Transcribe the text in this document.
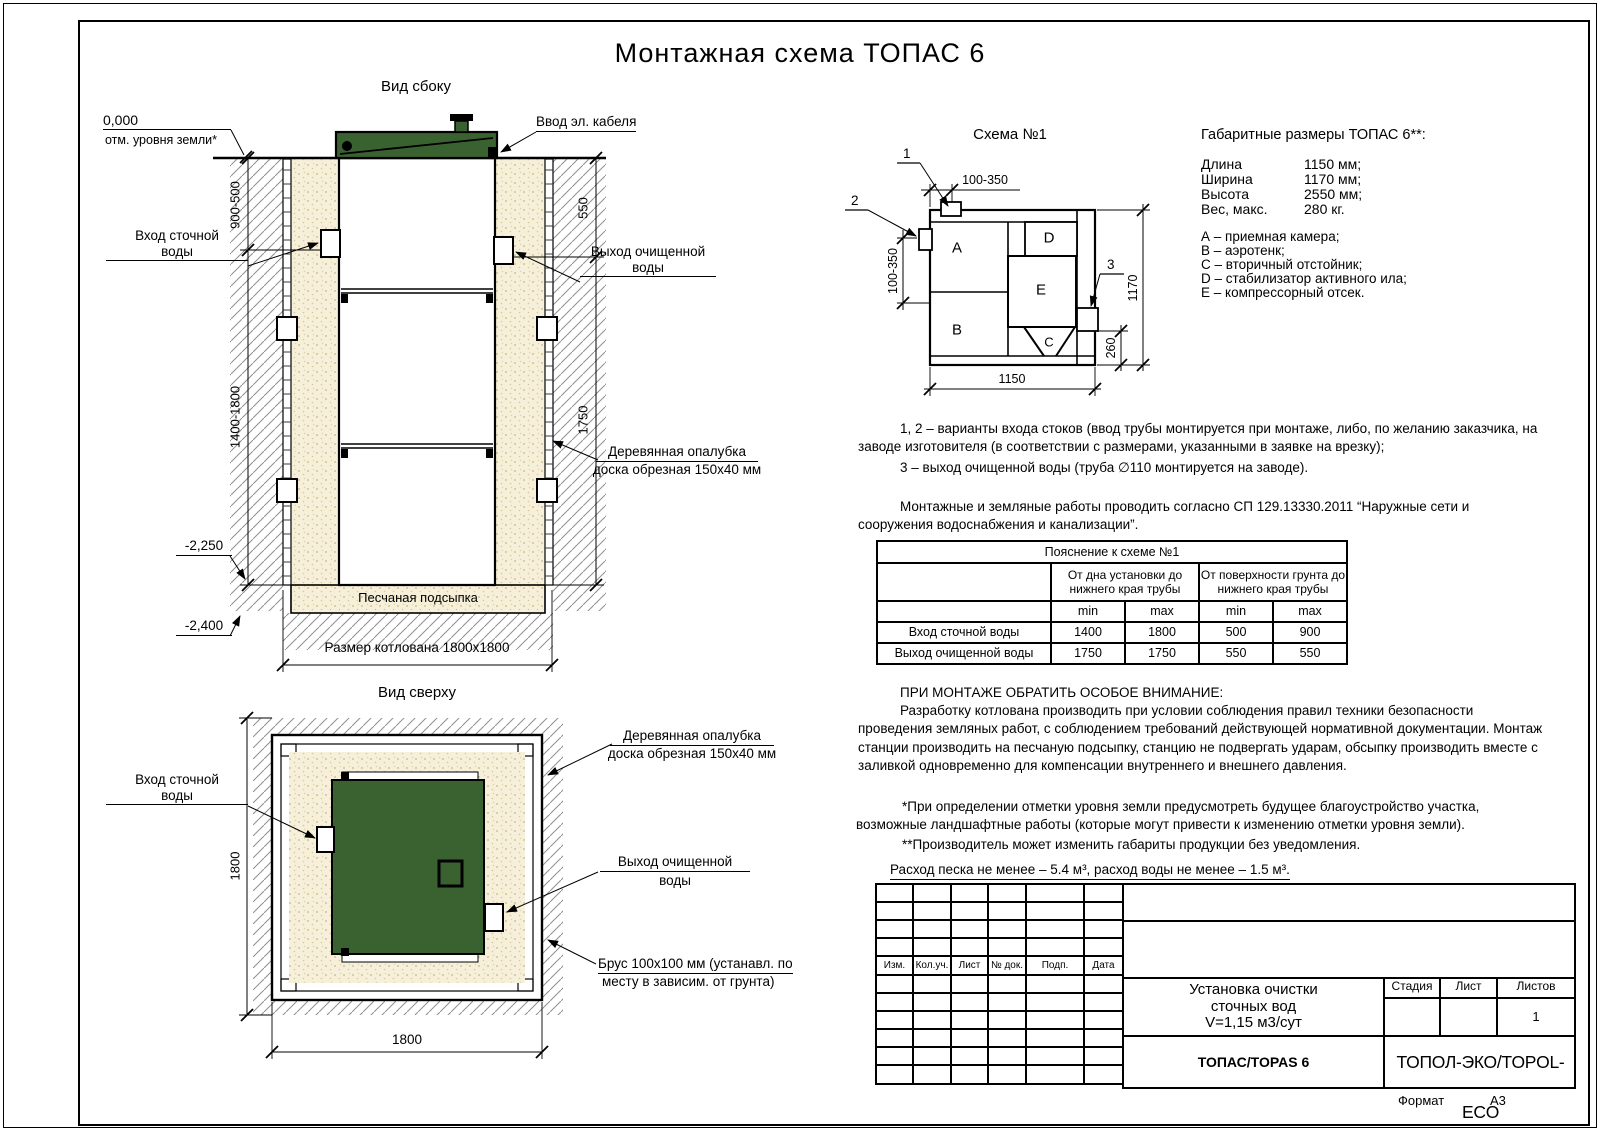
Монтажная схема ТОПАС 6
Вид сбоку
0,000
отм. уровня земли*
Ввод эл. кабеля
Вход сточной
воды	Выход очищенной
воды
Деревянная опалубка
доска обрезная 150х40 мм
Песчаная подсыпка
-2,250
-2,400
Размер котлована 1800х1800
900-500
1400-1800
550
1750
Вид сверху
Вход сточной
воды
Деревянная опалубка
доска обрезная 150х40 мм
Выход очищенной
воды
Брус 100х100 мм (устанавл. по
месту в зависим. от грунта)
1800
1800
Схема №1
1
2
3
A
B
C
D
E
100-350
100-350	1170
260
1150
Габаритные размеры ТОПАС 6**:
Длина	1150 мм;
Ширина	1170 мм;
Высота	2550 мм;
Вес, макс.	280 кг.
А – приемная камера;
В – аэротенк;
С – вторичный отстойник;
D – стабилизатор активного ила;
Е – компрессорный отсек.
1, 2 – варианты входа стоков (ввод трубы монтируется при монтаже, либо, по желанию заказчика, на заводе изготовителя (в соответствии с размерами, указанными в заявке на врезку);
3 – выход очищенной воды (труба ∅110 монтируется на заводе).
Монтажные и земляные работы проводить согласно СП 129.13330.2011 “Наружные сети и сооружения водоснабжения и канализации”.
Пояснение к схеме №1				
	От дна установки до нижнего края трубы		От поверхности грунта до нижнего края трубы	
	min	max	min	max
Вход сточной воды	1400	1800	500	900
Выход очищенной воды	1750	1750	550	550
ПРИ МОНТАЖЕ ОБРАТИТЬ ОСОБОЕ ВНИМАНИЕ:
Разработку котлована производить при условии соблюдения правил техники безопасности проведения земляных работ, с соблюдением требований действующей нормативной документации. Монтаж станции производить на песчаную подсыпку, станцию не подвергать ударам, обсыпку производить вместе с заливкой одновременно для компенсации внутреннего и внешнего давления.
*При определении отметки уровня земли предусмотреть будущее благоустройство участка, возможные ландшафтные работы (которые могут привести к изменению отметки уровня земли).
**Производитель может изменить габариты продукции без уведомления.
Расход песка не менее – 5.4 м³, расход воды не менее – 1.5 м³.

Изм.	Кол.уч.	Лист	№ док.	Подп.	Дата

Установка очистки
сточных вод
V=1,15 м3/сут
Стадия	Лист	Листов
1
ТОПАС/TOPAS 6	ТОПОЛ-ЭКО/TOPOL-ECO
Формат	А3
